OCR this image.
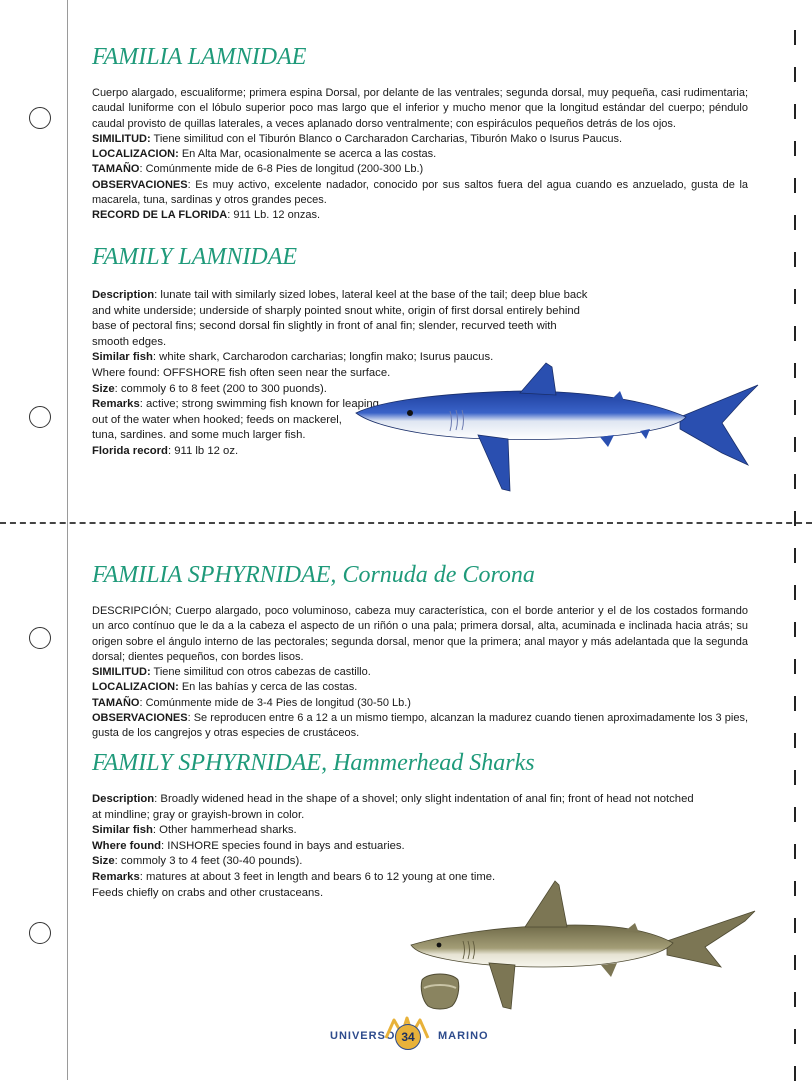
FAMILIA LAMNIDAE

Cuerpo alargado, escualiforme; primera espina Dorsal, por delante de las ventrales; segunda dorsal, muy pequeña, casi rudimentaria; caudal luniforme con el lóbulo superior poco mas largo que el inferior y mucho menor que la longitud estándar del cuerpo; péndulo caudal provisto de quillas laterales, a veces aplanado dorso ventralmente; con espiráculos pequeños detrás de los ojos.

SIMILITUD: Tiene similitud con el Tiburón Blanco o Carcharadon Carcharias, Tiburón Mako o Isurus Paucus.

LOCALIZACION: En Alta Mar, ocasionalmente se acerca a las costas.

TAMAÑO: Comúnmente mide de 6-8 Pies de longitud (200-300 Lb.)

OBSERVACIONES: Es muy activo, excelente nadador, conocido por sus saltos fuera del agua cuando es anzuelado, gusta de la macarela, tuna, sardinas y otros grandes peces.

RECORD DE LA FLORIDA: 911 Lb. 12 onzas.

FAMILY LAMNIDAE

Description: lunate tail with similarly sized lobes, lateral keel at the base of the tail; deep blue back

and white underside; underside of sharply pointed snout white, origin of first dorsal entirely behind

base of pectoral fins; second dorsal fin slightly in front of anal fin; slender, recurved teeth with

smooth edges.

Similar fish: white shark, Carcharodon carcharias; longfin mako; Isurus paucus.

Where found: OFFSHORE fish often seen near the surface.

Size: commoly 6 to 8 feet (200 to 300 puonds).

Remarks: active; strong swimming fish known for leaping

out of the water when hooked; feeds on mackerel,

tuna, sardines. and some much larger fish.

Florida record: 911 lb 12 oz.

FAMILIA SPHYRNIDAE, Cornuda de Corona

DESCRIPCIÓN; Cuerpo alargado, poco voluminoso, cabeza muy característica, con el borde anterior y el de los costados formando un arco contínuo que le da a la cabeza el aspecto de un riñón o una pala; primera dorsal, alta, acuminada e inclinada hacia atrás; su origen sobre el ángulo interno de las pectorales; segunda dorsal, menor que la primera; anal mayor y más adelantada que la segunda dorsal; dientes pequeños, con bordes lisos.

SIMILITUD: Tiene similitud con otros cabezas de castillo.

LOCALIZACION: En las bahías y cerca de las costas.

TAMAÑO: Comúnmente mide de 3-4 Pies de longitud (30-50 Lb.)

OBSERVACIONES: Se reproducen entre 6 a 12 a un mismo tiempo, alcanzan la madurez cuando tienen aproximadamente los 3 pies, gusta de los cangrejos y otras especies de crustáceos.

FAMILY SPHYRNIDAE, Hammerhead Sharks

Description: Broadly widened head in the shape of a shovel; only slight indentation of anal fin; front of head not notched

at mindline; gray or grayish-brown in color.

Similar fish: Other hammerhead sharks.

Where found: INSHORE species found in bays and estuaries.

Size: commoly 3 to 4 feet (30-40 pounds).

Remarks: matures at about 3 feet in length and bears 6 to 12 young at one time.

Feeds chiefly on crabs and other crustaceans.

UNIVERSO 34	MARINO
